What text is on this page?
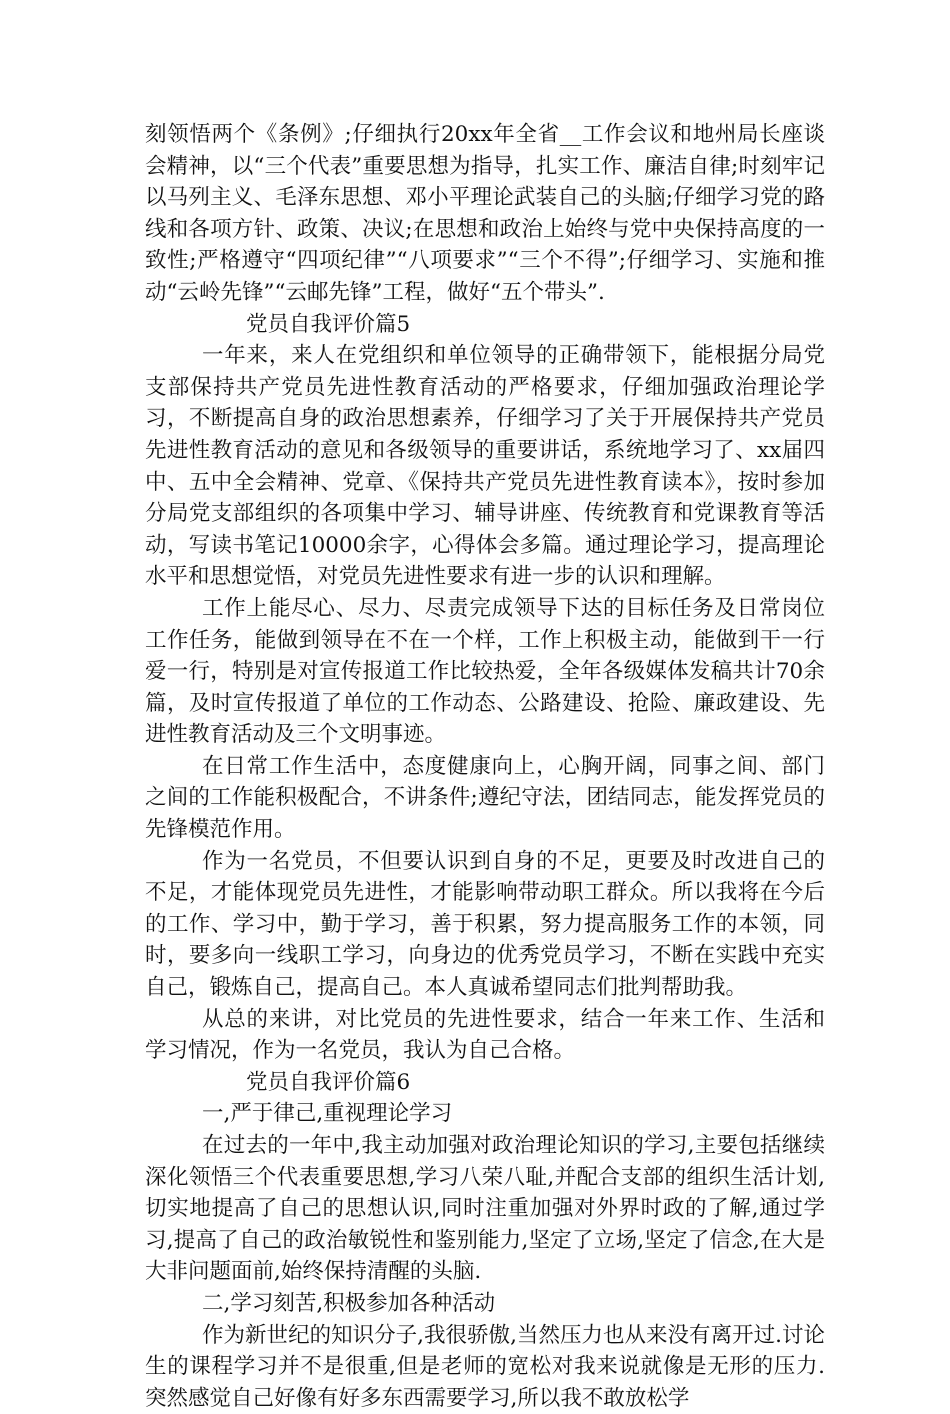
刻领悟两个《条例》;仔细执行20xx年全省__工作会议和地州局长座谈会精神，以“三个代表”重要思想为指导，扎实工作、廉洁自律;时刻牢记以马列主义、毛泽东思想、邓小平理论武装自己的头脑;仔细学习党的路线和各项方针、政策、决议;在思想和政治上始终与党中央保持高度的一致性;严格遵守“四项纪律”“八项要求”“三个不得”;仔细学习、实施和推动“云岭先锋”“云邮先锋”工程，做好“五个带头”.

党员自我评价篇5

一年来，来人在党组织和单位领导的正确带领下，能根据分局党支部保持共产党员先进性教育活动的严格要求，仔细加强政治理论学习，不断提高自身的政治思想素养，仔细学习了关于开展保持共产党员先进性教育活动的意见和各级领导的重要讲话，系统地学习了、xx届四中、五中全会精神、党章、《保持共产党员先进性教育读本》，按时参加分局党支部组织的各项集中学习、辅导讲座、传统教育和党课教育等活动，写读书笔记10000余字，心得体会多篇。通过理论学习，提高理论水平和思想觉悟，对党员先进性要求有进一步的认识和理解。

工作上能尽心、尽力、尽责完成领导下达的目标任务及日常岗位工作任务，能做到领导在不在一个样，工作上积极主动，能做到干一行爱一行，特别是对宣传报道工作比较热爱，全年各级媒体发稿共计70余篇，及时宣传报道了单位的工作动态、公路建设、抢险、廉政建设、先进性教育活动及三个文明事迹。

在日常工作生活中，态度健康向上，心胸开阔，同事之间、部门之间的工作能积极配合，不讲条件;遵纪守法，团结同志，能发挥党员的先锋模范作用。

作为一名党员，不但要认识到自身的不足，更要及时改进自己的不足，才能体现党员先进性，才能影响带动职工群众。所以我将在今后的工作、学习中，勤于学习，善于积累，努力提高服务工作的本领，同时，要多向一线职工学习，向身边的优秀党员学习，不断在实践中充实自己，锻炼自己，提高自己。本人真诚希望同志们批判帮助我。

从总的来讲，对比党员的先进性要求，结合一年来工作、生活和学习情况，作为一名党员，我认为自己合格。

党员自我评价篇6

一,严于律己,重视理论学习

在过去的一年中,我主动加强对政治理论知识的学习,主要包括继续深化领悟三个代表重要思想,学习八荣八耻,并配合支部的组织生活计划,切实地提高了自己的思想认识,同时注重加强对外界时政的了解,通过学习,提高了自己的政治敏锐性和鉴别能力,坚定了立场,坚定了信念,在大是大非问题面前,始终保持清醒的头脑.

二,学习刻苦,积极参加各种活动

作为新世纪的知识分子,我很骄傲,当然压力也从来没有离开过.讨论生的课程学习并不是很重,但是老师的宽松对我来说就像是无形的压力.突然感觉自己好像有好多东西需要学习,所以我不敢放松学
